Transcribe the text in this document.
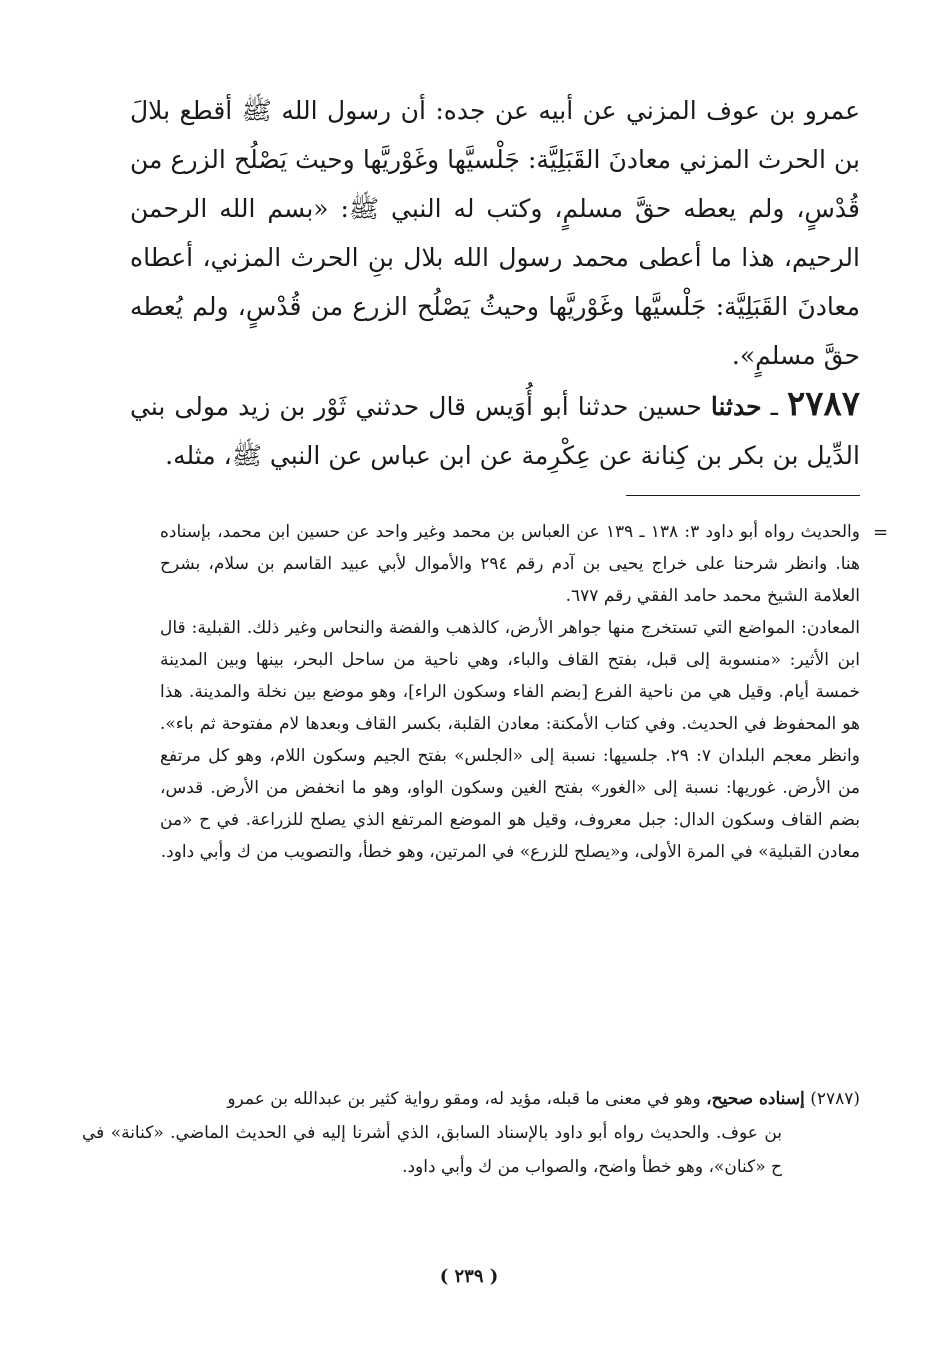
عمرو بن عوف المزني عن أبيه عن جده: أن رسول الله ﷺ أقطع بلالَ بن الحرث المزني معادنَ القَبَلِيَّة: جَلْسيَّها وغَوْريَّها وحيث يَصْلُح الزرع من قُدْسٍ، ولم يعطه حقَّ مسلمٍ، وكتب له النبي ﷺ: «بسم الله الرحمن الرحيم، هذا ما أعطى محمد رسول الله بلال بنِ الحرث المزني، أعطاه معادنَ القَبَلِيَّة: جَلْسيَّها وغَوْريَّها وحيثُ يَصْلُح الزرع من قُدْسٍ، ولم يُعطه حقَّ مسلمٍ».

٢٧٨٧ ـ حدثنا حسين حدثنا أبو أُوَيس قال حدثني ثَوْر بن زيد مولى بني الدِّيل بن بكر بن كِنانة عن عِكْرِمة عن ابن عباس عن النبي ﷺ، مثله.

=

والحديث رواه أبو داود ٣: ١٣٨ ـ ١٣٩ عن العباس بن محمد وغير واحد عن حسين ابن محمد، بإسناده هنا. وانظر شرحنا على خراج يحيى بن آدم رقم ٢٩٤ والأموال لأبي عبيد القاسم بن سلام، بشرح العلامة الشيخ محمد حامد الفقي رقم ٦٧٧.

المعادن: المواضع التي تستخرج منها جواهر الأرض، كالذهب والفضة والنحاس وغير ذلك. القبلية: قال ابن الأثير: «منسوبة إلى قبل، بفتح القاف والباء، وهي ناحية من ساحل البحر، بينها وبين المدينة خمسة أيام. وقيل هي من ناحية الفرع [بضم الفاء وسكون الراء]، وهو موضع بين نخلة والمدينة. هذا هو المحفوظ في الحديث. وفي كتاب الأمكنة: معادن القلبة، بكسر القاف وبعدها لام مفتوحة ثم باء». وانظر معجم البلدان ٧: ٢٩. جلسيها: نسبة إلى «الجلس» بفتح الجيم وسكون اللام، وهو كل مرتفع من الأرض. غوريها: نسبة إلى «الغور» بفتح الغين وسكون الواو، وهو ما انخفض من الأرض. قدس، بضم القاف وسكون الدال: جبل معروف، وقيل هو الموضع المرتفع الذي يصلح للزراعة. في ح «من معادن القبلية» في المرة الأولى، و«يصلح للزرع» في المرتين، وهو خطأ، والتصويب من ك وأبي داود.

(٢٧٨٧) إسناده صحيح، وهو في معنى ما قبله، مؤيد له، ومقو رواية كثير بن عبدالله بن عمرو

بن عوف. والحديث رواه أبو داود بالإسناد السابق، الذي أشرنا إليه في الحديث الماضي. «كنانة» في ح «كنان»، وهو خطأ واضح، والصواب من ك وأبي داود.

( ٢٣٩ )
